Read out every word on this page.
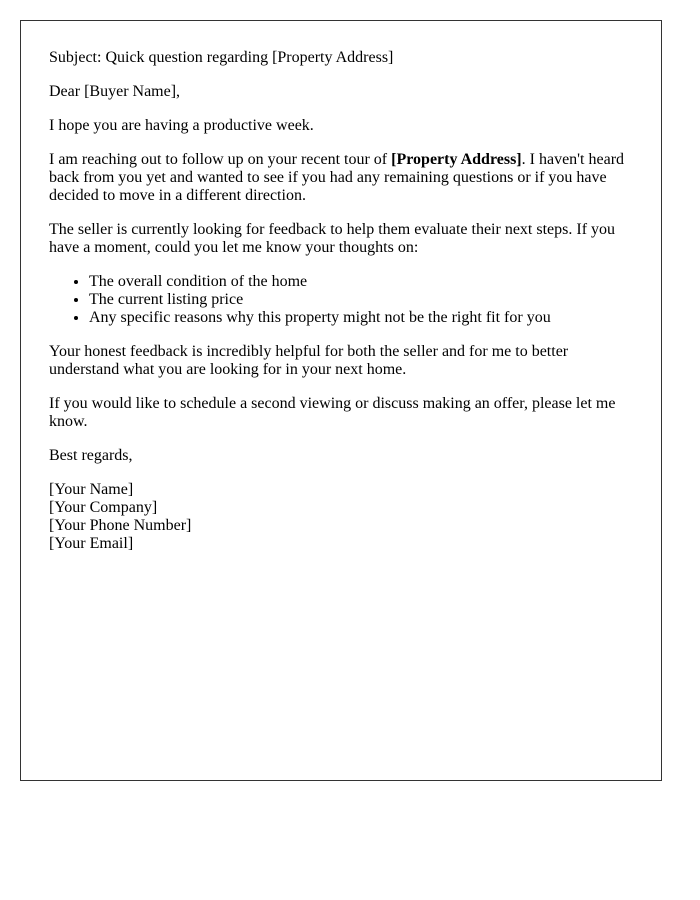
Subject: Quick question regarding [Property Address]

Dear [Buyer Name],

I hope you are having a productive week.

I am reaching out to follow up on your recent tour of [Property Address]. I haven't heard back from you yet and wanted to see if you had any remaining questions or if you have decided to move in a different direction.

The seller is currently looking for feedback to help them evaluate their next steps. If you have a moment, could you let me know your thoughts on:

• The overall condition of the home
• The current listing price
• Any specific reasons why this property might not be the right fit for you

Your honest feedback is incredibly helpful for both the seller and for me to better understand what you are looking for in your next home.

If you would like to schedule a second viewing or discuss making an offer, please let me know.

Best regards,

[Your Name]
[Your Company]
[Your Phone Number]
[Your Email]
